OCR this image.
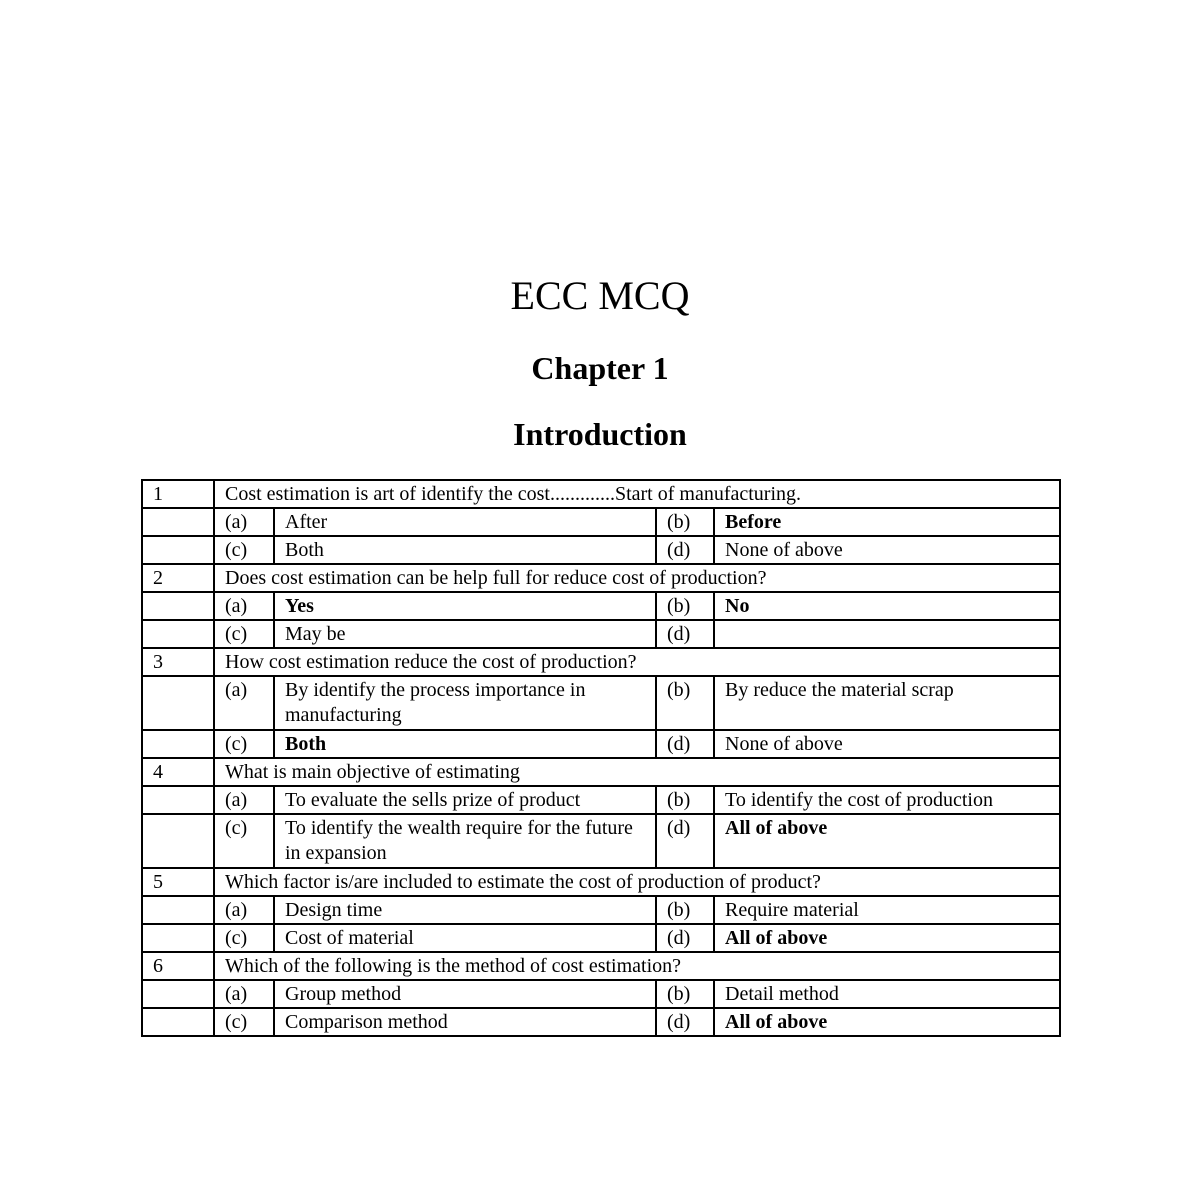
ECC MCQ
Chapter 1
Introduction
1	Cost estimation is art of identify the cost.............Start of manufacturing.			
	(a)	After	(b)	Before
	(c)	Both	(d)	None of above
2	Does cost estimation can be help full for reduce cost of production?			
	(a)	Yes	(b)	No
	(c)	May be	(d)	
3	How cost estimation reduce the cost of production?			
	(a)	By identify the process importance in manufacturing	(b)	By reduce the material scrap
	(c)	Both	(d)	None of above
4	What is main objective of estimating			
	(a)	To evaluate the sells prize of product	(b)	To identify the cost of production
	(c)	To identify the wealth require for the future in expansion	(d)	All of above
5	Which factor is/are included to estimate the cost of production of product?			
	(a)	Design time	(b)	Require material
	(c)	Cost of material	(d)	All of above
6	Which of the following is the method of cost estimation?			
	(a)	Group method	(b)	Detail method
	(c)	Comparison method	(d)	All of above
